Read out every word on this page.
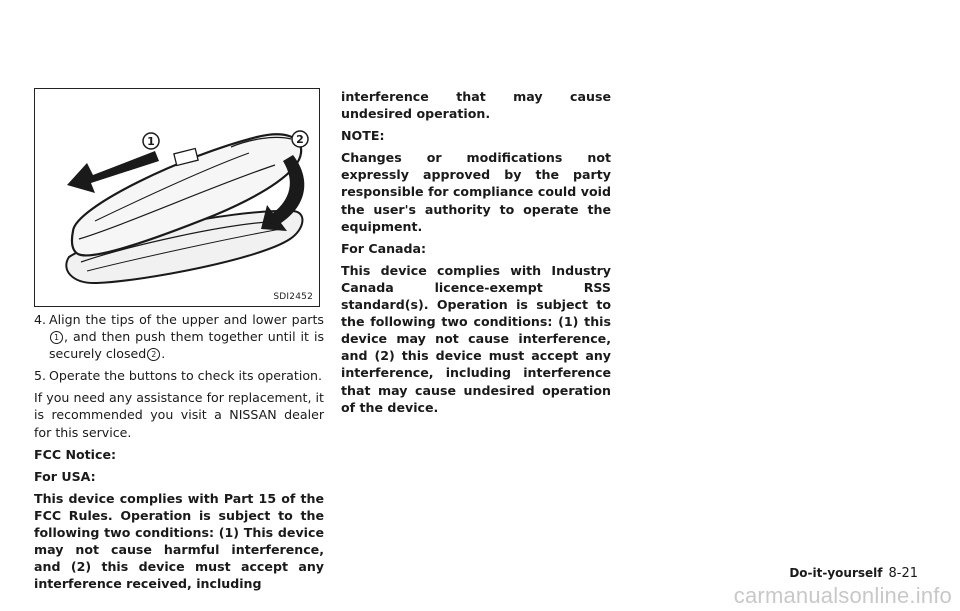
1	2
SDI2452
4. Align the tips of the upper and lower parts1 , and then push them together until it is securely closed 2 .
5. Operate the buttons to check its operation.

If you need any assistance for replacement, it is recommended you visit a NISSAN dealer for this service.

FCC Notice:

For USA:

This device complies with Part 15 of the FCC Rules. Operation is subject to the following two conditions: (1) This device may not cause harmful interference, and (2) this device must accept any interference received, including

interference that may cause undesired operation.

NOTE:

Changes or modifications not expressly approved by the party responsible for compliance could void the user's authority to operate the equipment.

For Canada:

This device complies with Industry Canada licence-exempt RSS standard(s). Operation is subject to the following two conditions: (1) this device may not cause interference, and (2) this device must accept any interference, including interference that may cause undesired operation of the device.

Do-it-yourself 8-21
carmanualsonline.info
